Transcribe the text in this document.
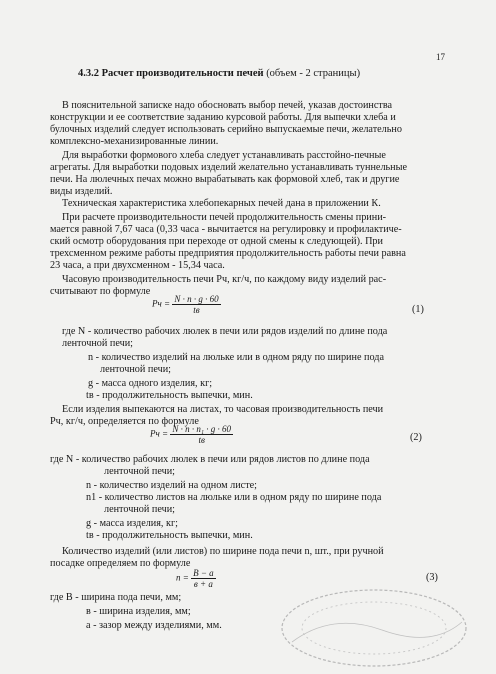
17
4.3.2 Расчет производительности печей (объем - 2 страницы)
В пояснительной записке надо обосновать выбор печей, указав достоинства
конструкции и ее соответствие заданию курсовой работы. Для выпечки хлеба и
булочных изделий следует использовать серийно выпускаемые печи, желательно
комплексно-механизированные линии.
Для выработки формового хлеба следует устанавливать расстойно-печные
агрегаты. Для выработки подовых изделий желательно устанавливать туннельные
печи. На люлечных печах можно вырабатывать как формовой хлеб, так и другие
виды изделий.
Техническая характеристика хлебопекарных печей дана в приложении К.
При расчете производительности печей продолжительность смены прини-
мается равной 7,67 часа (0,33 часа - вычитается на регулировку и профилактиче-
ский осмотр оборудования при переходе от одной смены к следующей). При
трехсменном режиме работы предприятия продолжительность работы печи равна
23 часа, а при двухсменном - 15,34 часа.
Часовую производительность печи Рч, кг/ч, по каждому виду изделий рас-
считывают по формуле
Pч = $\frac{N \cdot n \cdot g \cdot 60}{tв}$	(1)
где N - количество рабочих люлек в печи или рядов изделий по длине пода
ленточной печи;
n - количество изделий на люльке или в одном ряду по ширине пода
ленточной печи;
g - масса одного изделия, кг;
tв - продолжительность выпечки, мин.
Если изделия выпекаются на листах, то часовая производительность печи
Рч, кг/ч, определяется по формуле
Pч = $\frac{\text{N · n · n₁ · g · 60}}{tв}$	(2)
где N - количество рабочих люлек в печи или рядов листов по длине пода
ленточной печи;
n - количество изделий на одном листе;
n1 - количество листов на люльке или в одном ряду по ширине пода
ленточной печи;
g - масса изделия, кг;
tв - продолжительность выпечки, мин.
Количество изделий (или листов) по ширине пода печи n, шт., при ручной
посадке определяем по формуле
$n = \frac{B - a}{в + a}$	(3)
где B - ширина пода печи, мм;
в - ширина изделия, мм;
а - зазор между изделиями, мм.
